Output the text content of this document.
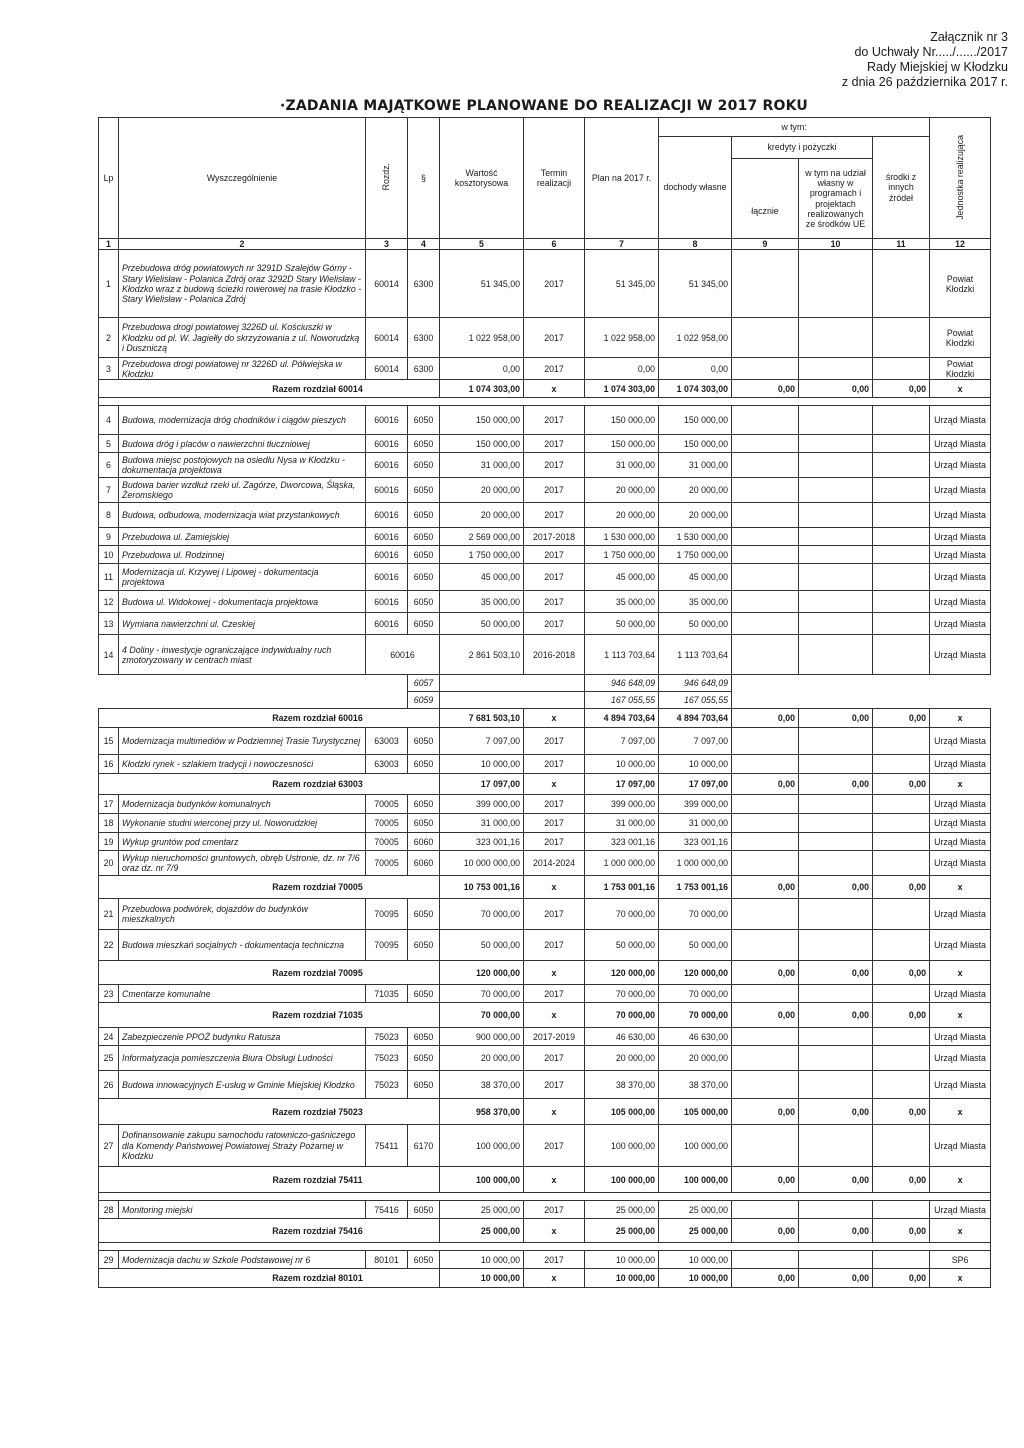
Załącznik nr 3
do Uchwały Nr...../....../2017
Rady Miejskiej w Kłodzku
z dnia 26 października 2017 r.
·ZADANIA MAJĄTKOWE PLANOWANE DO REALIZACJI W 2017 ROKU
Lp	Wyszczególnienie	Rozdz.	§	Wartość kosztorysowa	Termin realizacji	Plan na 2017 r.	w tym:				Jednostka realizująca
							dochody własne	kredyty i pożyczki		środki z innych źródeł	
								łącznie	w tym na udział własny w programach i projektach realizowanych ze środków UE		
1	2	3	4	5	6	7	8	9	10	11	12
1	Przebudowa dróg powiatowych nr 3291D Szalejów Górny - Stary Wielisław - Polanica Zdrój oraz 3292D Stary Wielisław - Kłodzko wraz z budową ścieżki rowerowej na trasie Kłodzko - Stary Wielisław - Polanica Zdrój	60014	6300	51 345,00	2017	51 345,00	51 345,00				Powiat Kłodzki
2	Przebudowa drogi powiatowej 3226D ul. Kościuszki w Kłodzku od pl. W. Jagiełły do skrzyżowania z ul. Noworudzką i Duszniczą	60014	6300	1 022 958,00	2017	1 022 958,00	1 022 958,00				Powiat Kłodzki
3	Przebudowa drogi powiatowej nr 3226D ul. Półwiejska w Kłodzku	60014	6300	0,00	2017	0,00	0,00				Powiat Kłodzki
Razem rozdział 60014				1 074 303,00	x	1 074 303,00	1 074 303,00	0,00	0,00	0,00	x

4	Budowa, modernizacja dróg chodników i ciągów pieszych	60016	6050	150 000,00	2017	150 000,00	150 000,00				Urząd Miasta
5	Budowa dróg i placów o nawierzchni tłuczniowej	60016	6050	150 000,00	2017	150 000,00	150 000,00				Urząd Miasta
6	Budowa miejsc postojowych na osiedlu Nysa w Kłodzku - dokumentacja projektowa	60016	6050	31 000,00	2017	31 000,00	31 000,00				Urząd Miasta
7	Budowa barier wzdłuż rzeki ul. Zagórze, Dworcowa, Śląska, Żeromskiego	60016	6050	20 000,00	2017	20 000,00	20 000,00				Urząd Miasta
8	Budowa, odbudowa, modernizacja wiat przystankowych	60016	6050	20 000,00	2017	20 000,00	20 000,00				Urząd Miasta
9	Przebudowa ul. Zamiejskiej	60016	6050	2 569 000,00	2017-2018	1 530 000,00	1 530 000,00				Urząd Miasta
10	Przebudowa ul. Rodzinnej	60016	6050	1 750 000,00	2017	1 750 000,00	1 750 000,00				Urząd Miasta
11	Modernizacja ul. Krzywej i Lipowej - dokumentacja projektowa	60016	6050	45 000,00	2017	45 000,00	45 000,00				Urząd Miasta
12	Budowa ul. Widokowej - dokumentacja projektowa	60016	6050	35 000,00	2017	35 000,00	35 000,00				Urząd Miasta
13	Wymiana nawierzchni ul. Czeskiej	60016	6050	50 000,00	2017	50 000,00	50 000,00				Urząd Miasta
14	4 Doliny - inwestycje ograniczające indywidualny ruch zmotoryzowany w centrach miast	60016		2 861 503,10	2016-2018	1 113 703,64	1 113 703,64				Urząd Miasta
			6057			946 648,09	946 648,09				
			6059			167 055,55	167 055,55				
Razem rozdział 60016				7 681 503,10	x	4 894 703,64	4 894 703,64	0,00	0,00	0,00	x
15	Modernizacja multimediów w Podziemnej Trasie Turystycznej	63003	6050	7 097,00	2017	7 097,00	7 097,00				Urząd Miasta
16	Kłodzki rynek - szlakiem tradycji i nowoczesności	63003	6050	10 000,00	2017	10 000,00	10 000,00				Urząd Miasta
Razem rozdział 63003				17 097,00	x	17 097,00	17 097,00	0,00	0,00	0,00	x
17	Modernizacja budynków komunalnych	70005	6050	399 000,00	2017	399 000,00	399 000,00				Urząd Miasta
18	Wykonanie studni wierconej przy ul. Noworudzkiej	70005	6050	31 000,00	2017	31 000,00	31 000,00				Urząd Miasta
19	Wykup gruntów pod cmentarz	70005	6060	323 001,16	2017	323 001,16	323 001,16				Urząd Miasta
20	Wykup nieruchomości gruntowych, obręb Ustronie, dz. nr 7/6 oraz dz. nr 7/9	70005	6060	10 000 000,00	2014-2024	1 000 000,00	1 000 000,00				Urząd Miasta
Razem rozdział 70005				10 753 001,16	x	1 753 001,16	1 753 001,16	0,00	0,00	0,00	x
21	Przebudowa podwórek, dojazdów do budynków mieszkalnych	70095	6050	70 000,00	2017	70 000,00	70 000,00				Urząd Miasta
22	Budowa mieszkań socjalnych - dokumentacja techniczna	70095	6050	50 000,00	2017	50 000,00	50 000,00				Urząd Miasta
Razem rozdział 70095				120 000,00	x	120 000,00	120 000,00	0,00	0,00	0,00	x
23	Cmentarze komunalne	71035	6050	70 000,00	2017	70 000,00	70 000,00				Urząd Miasta
Razem rozdział 71035				70 000,00	x	70 000,00	70 000,00	0,00	0,00	0,00	x
24	Zabezpieczenie PPOŻ budynku Ratusza	75023	6050	900 000,00	2017-2019	46 630,00	46 630,00				Urząd Miasta
25	Informatyzacja pomieszczenia Biura Obsługi Ludności	75023	6050	20 000,00	2017	20 000,00	20 000,00				Urząd Miasta
26	Budowa innowacyjnych E-usług w Gminie Miejskiej Kłodzko	75023	6050	38 370,00	2017	38 370,00	38 370,00				Urząd Miasta
Razem rozdział 75023				958 370,00	x	105 000,00	105 000,00	0,00	0,00	0,00	x
27	Dofinansowanie zakupu samochodu ratowniczo-gaśniczego dla Komendy Państwowej Powiatowej Straży Pożarnej w Kłodzku	75411	6170	100 000,00	2017	100 000,00	100 000,00				Urząd Miasta
Razem rozdział 75411				100 000,00	x	100 000,00	100 000,00	0,00	0,00	0,00	x

28	Monitoring miejski	75416	6050	25 000,00	2017	25 000,00	25 000,00				Urząd Miasta
Razem rozdział 75416				25 000,00	x	25 000,00	25 000,00	0,00	0,00	0,00	x

29	Modernizacja dachu w Szkole Podstawowej nr 6	80101	6050	10 000,00	2017	10 000,00	10 000,00				SP6
Razem rozdział 80101				10 000,00	x	10 000,00	10 000,00	0,00	0,00	0,00	x
